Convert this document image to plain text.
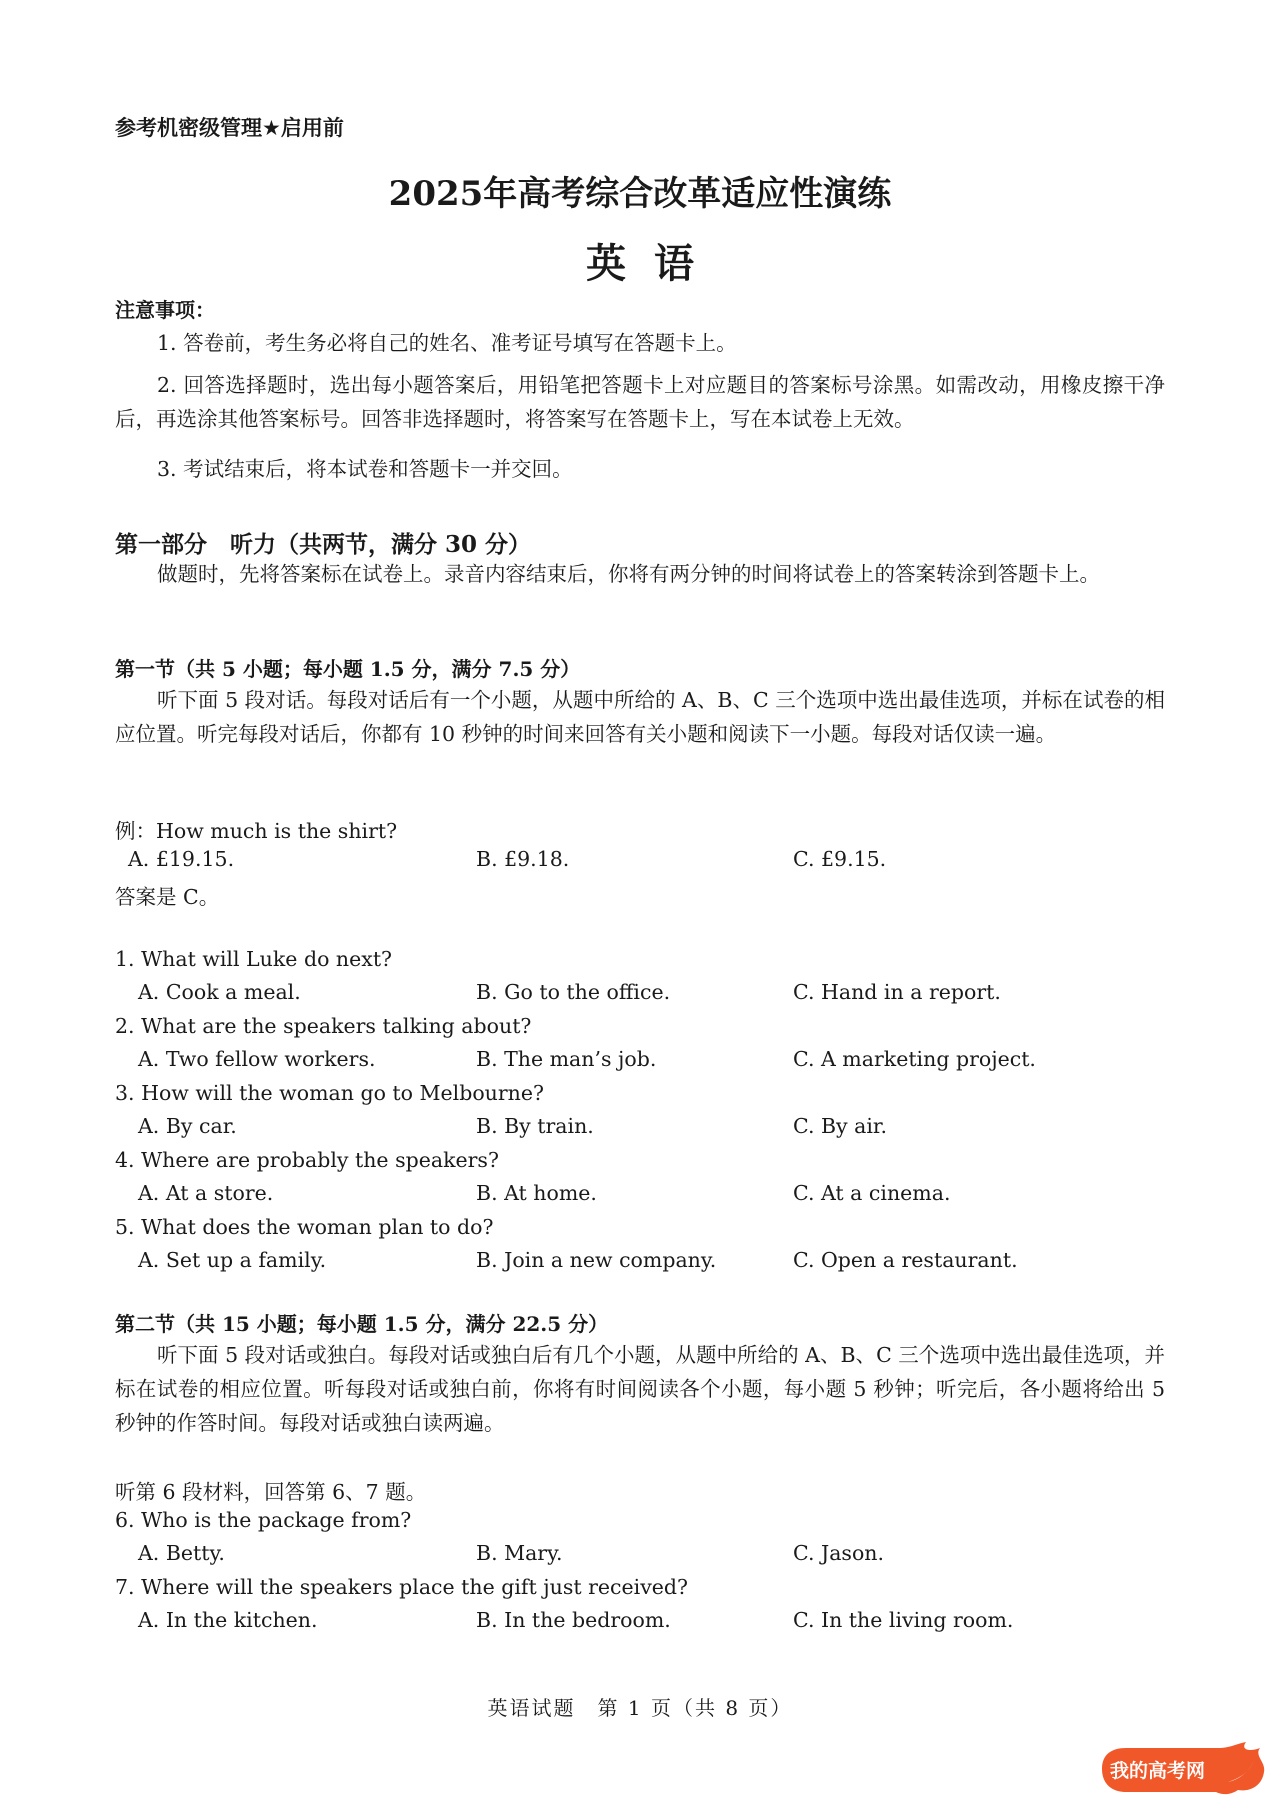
参考机密级管理★启用前
2025年高考综合改革适应性演练
英语
注意事项：
1. 答卷前，考生务必将自己的姓名、准考证号填写在答题卡上。
2. 回答选择题时，选出每小题答案后，用铅笔把答题卡上对应题目的答案标号涂黑。如需改动，用橡皮擦干净后，再选涂其他答案标号。回答非选择题时，将答案写在答题卡上，写在本试卷上无效。
3. 考试结束后，将本试卷和答题卡一并交回。
第一部分　听力（共两节，满分 30 分）
做题时，先将答案标在试卷上。录音内容结束后，你将有两分钟的时间将试卷上的答案转涂到答题卡上。
第一节（共 5 小题；每小题 1.5 分，满分 7.5 分）
听下面 5 段对话。每段对话后有一个小题，从题中所给的 A、B、C 三个选项中选出最佳选项，并标在试卷的相应位置。听完每段对话后，你都有 10 秒钟的时间来回答有关小题和阅读下一小题。每段对话仅读一遍。
例：How much is the shirt?
A. £19.15.	B. £9.18.	C. £9.15.
答案是 C。
1. What will Luke do next?
A. Cook a meal.	B. Go to the office.	C. Hand in a report.
2. What are the speakers talking about?
A. Two fellow workers.	B. The man’s job.	C. A marketing project.
3. How will the woman go to Melbourne?
A. By car.	B. By train.	C. By air.
4. Where are probably the speakers?
A. At a store.	B. At home.	C. At a cinema.
5. What does the woman plan to do?
A. Set up a family.	B. Join a new company.	C. Open a restaurant.
第二节（共 15 小题；每小题 1.5 分，满分 22.5 分）
听下面 5 段对话或独白。每段对话或独白后有几个小题，从题中所给的 A、B、C 三个选项中选出最佳选项，并标在试卷的相应位置。听每段对话或独白前，你将有时间阅读各个小题，每小题 5 秒钟；听完后，各小题将给出 5 秒钟的作答时间。每段对话或独白读两遍。
听第 6 段材料，回答第 6、7 题。
6. Who is the package from?
A. Betty.	B. Mary.	C. Jason.
7. Where will the speakers place the gift just received?
A. In the kitchen.	B. In the bedroom.	C. In the living room.
英语试题　第 1 页（共 8 页）
我的高考网
